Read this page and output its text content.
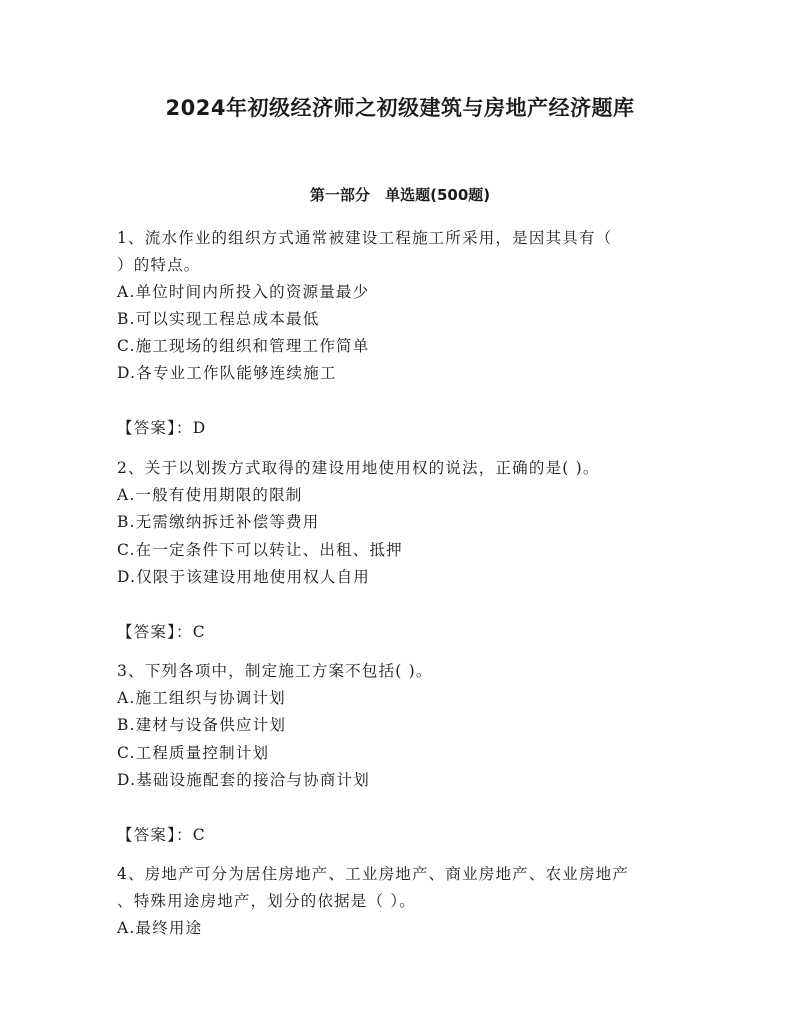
2024年初级经济师之初级建筑与房地产经济题库
第一部分 单选题(500题)
1、流水作业的组织方式通常被建设工程施工所采用，是因其具有（
）的特点。
A.单位时间内所投入的资源量最少
B.可以实现工程总成本最低
C.施工现场的组织和管理工作简单
D.各专业工作队能够连续施工
【答案】：D
2、关于以划拨方式取得的建设用地使用权的说法，正确的是( )。
A.一般有使用期限的限制
B.无需缴纳拆迁补偿等费用
C.在一定条件下可以转让、出租、抵押
D.仅限于该建设用地使用权人自用
【答案】：C
3、下列各项中，制定施工方案不包括( )。
A.施工组织与协调计划
B.建材与设备供应计划
C.工程质量控制计划
D.基础设施配套的接洽与协商计划
【答案】：C
4、房地产可分为居住房地产、工业房地产、商业房地产、农业房地产
、特殊用途房地产，划分的依据是（ ）。
A.最终用途
